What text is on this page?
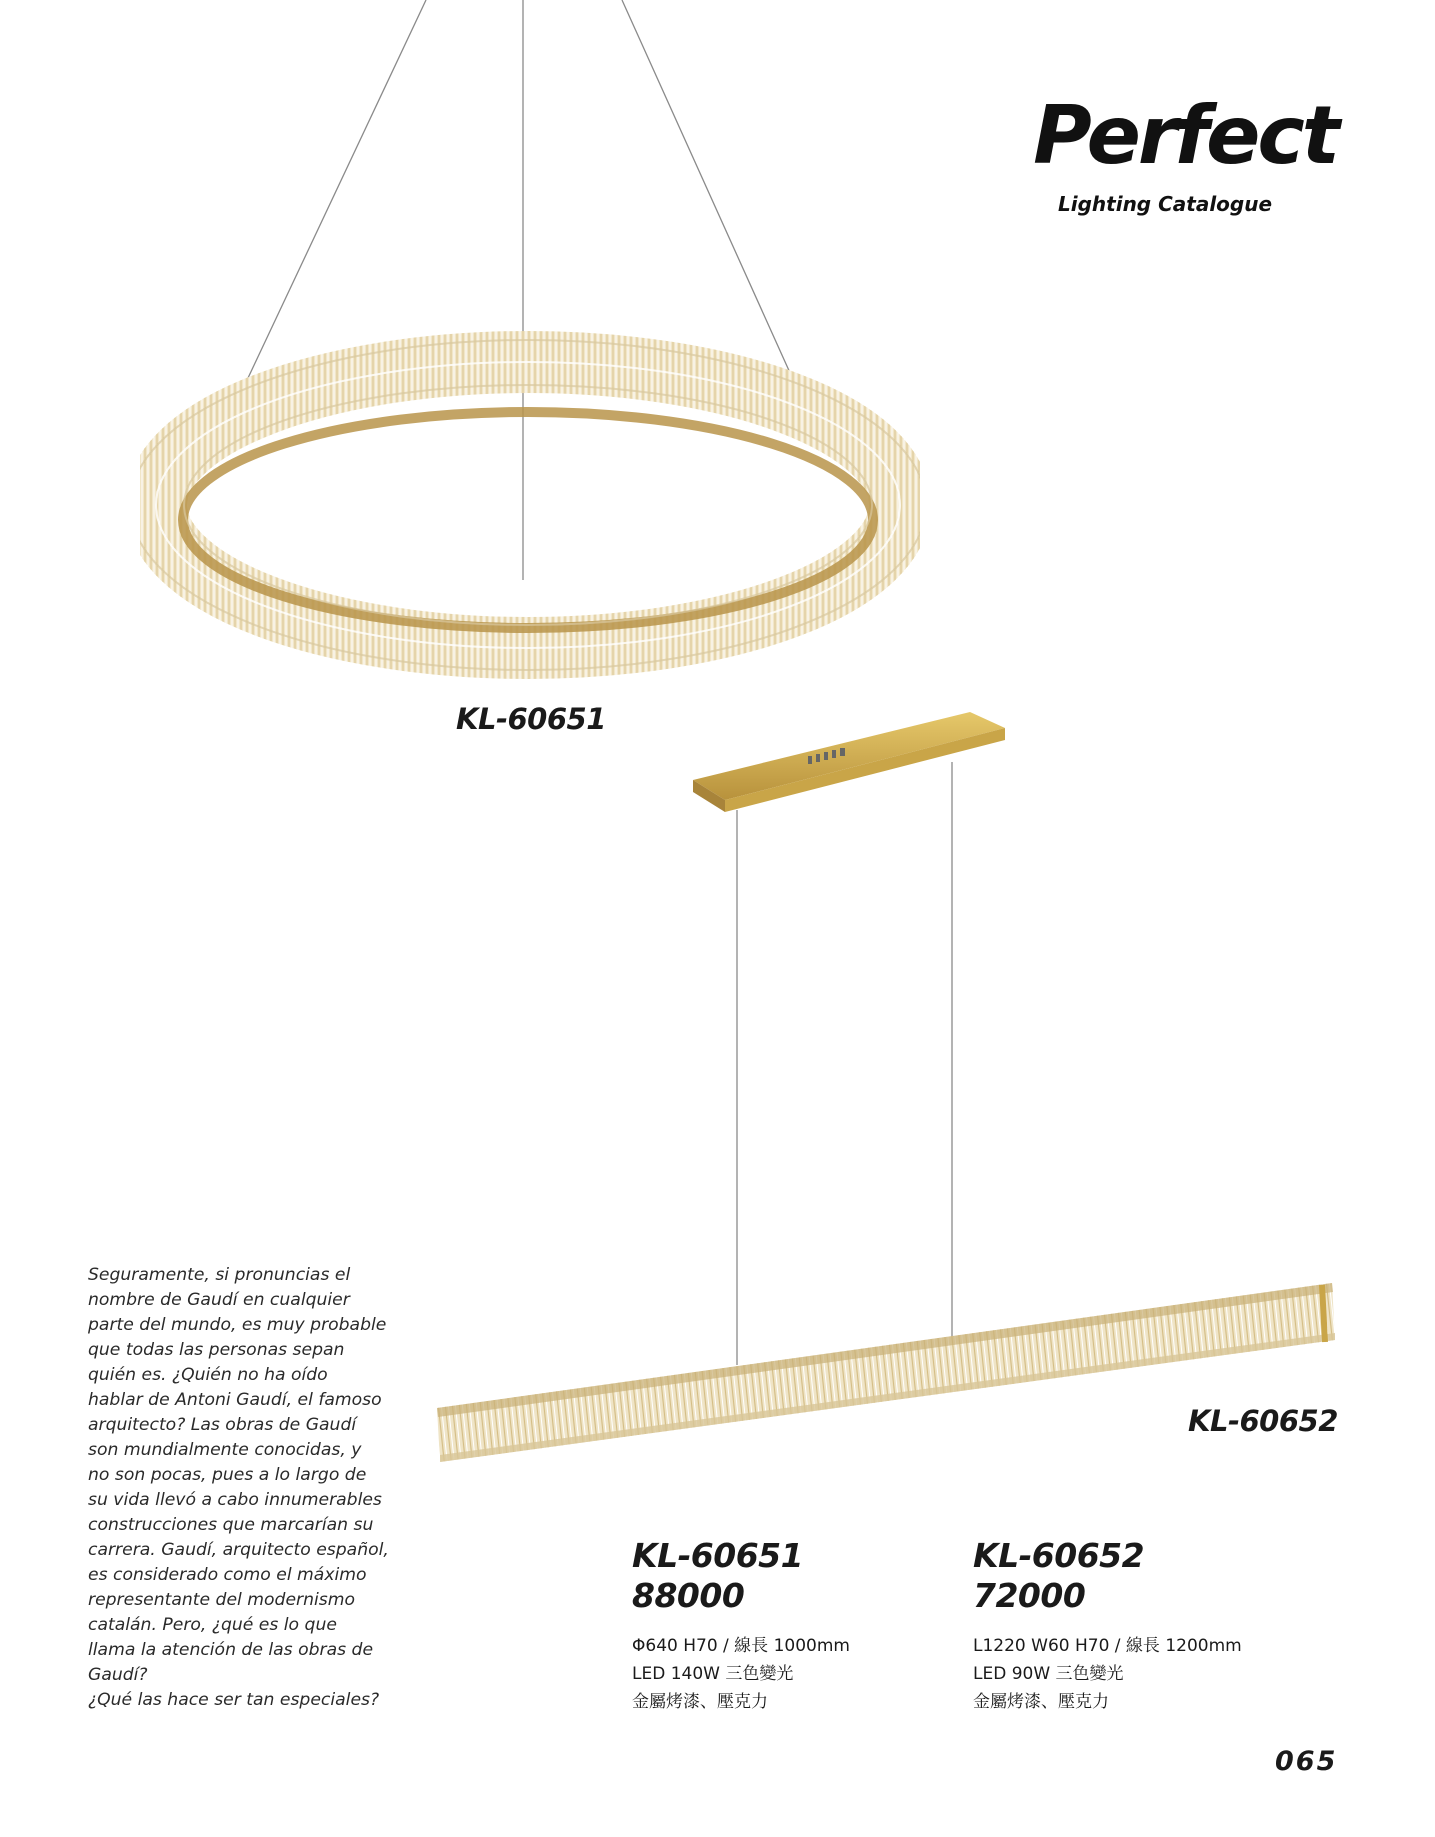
Perfect
Lighting Catalogue
KL-60651
KL-60652

Seguramente, si pronuncias el

nombre de Gaudí en cualquier

parte del mundo, es muy probable

que todas las personas sepan

quién es. ¿Quién no ha oído

hablar de Antoni Gaudí, el famoso

arquitecto? Las obras de Gaudí

son mundialmente conocidas, y

no son pocas, pues a lo largo de

su vida llevó a cabo innumerables

construcciones que marcarían su

carrera. Gaudí, arquitecto español,

es considerado como el máximo

representante del modernismo

catalán. Pero, ¿qué es lo que

llama la atención de las obras de

Gaudí?

¿Qué las hace ser tan especiales?

KL-60651
88000
Φ640 H70 / 線長 1000mm
LED 140W 三色變光
金屬烤漆、壓克力
KL-60652
72000
L1220 W60 H70 / 線長 1200mm
LED 90W 三色變光
金屬烤漆、壓克力
065
